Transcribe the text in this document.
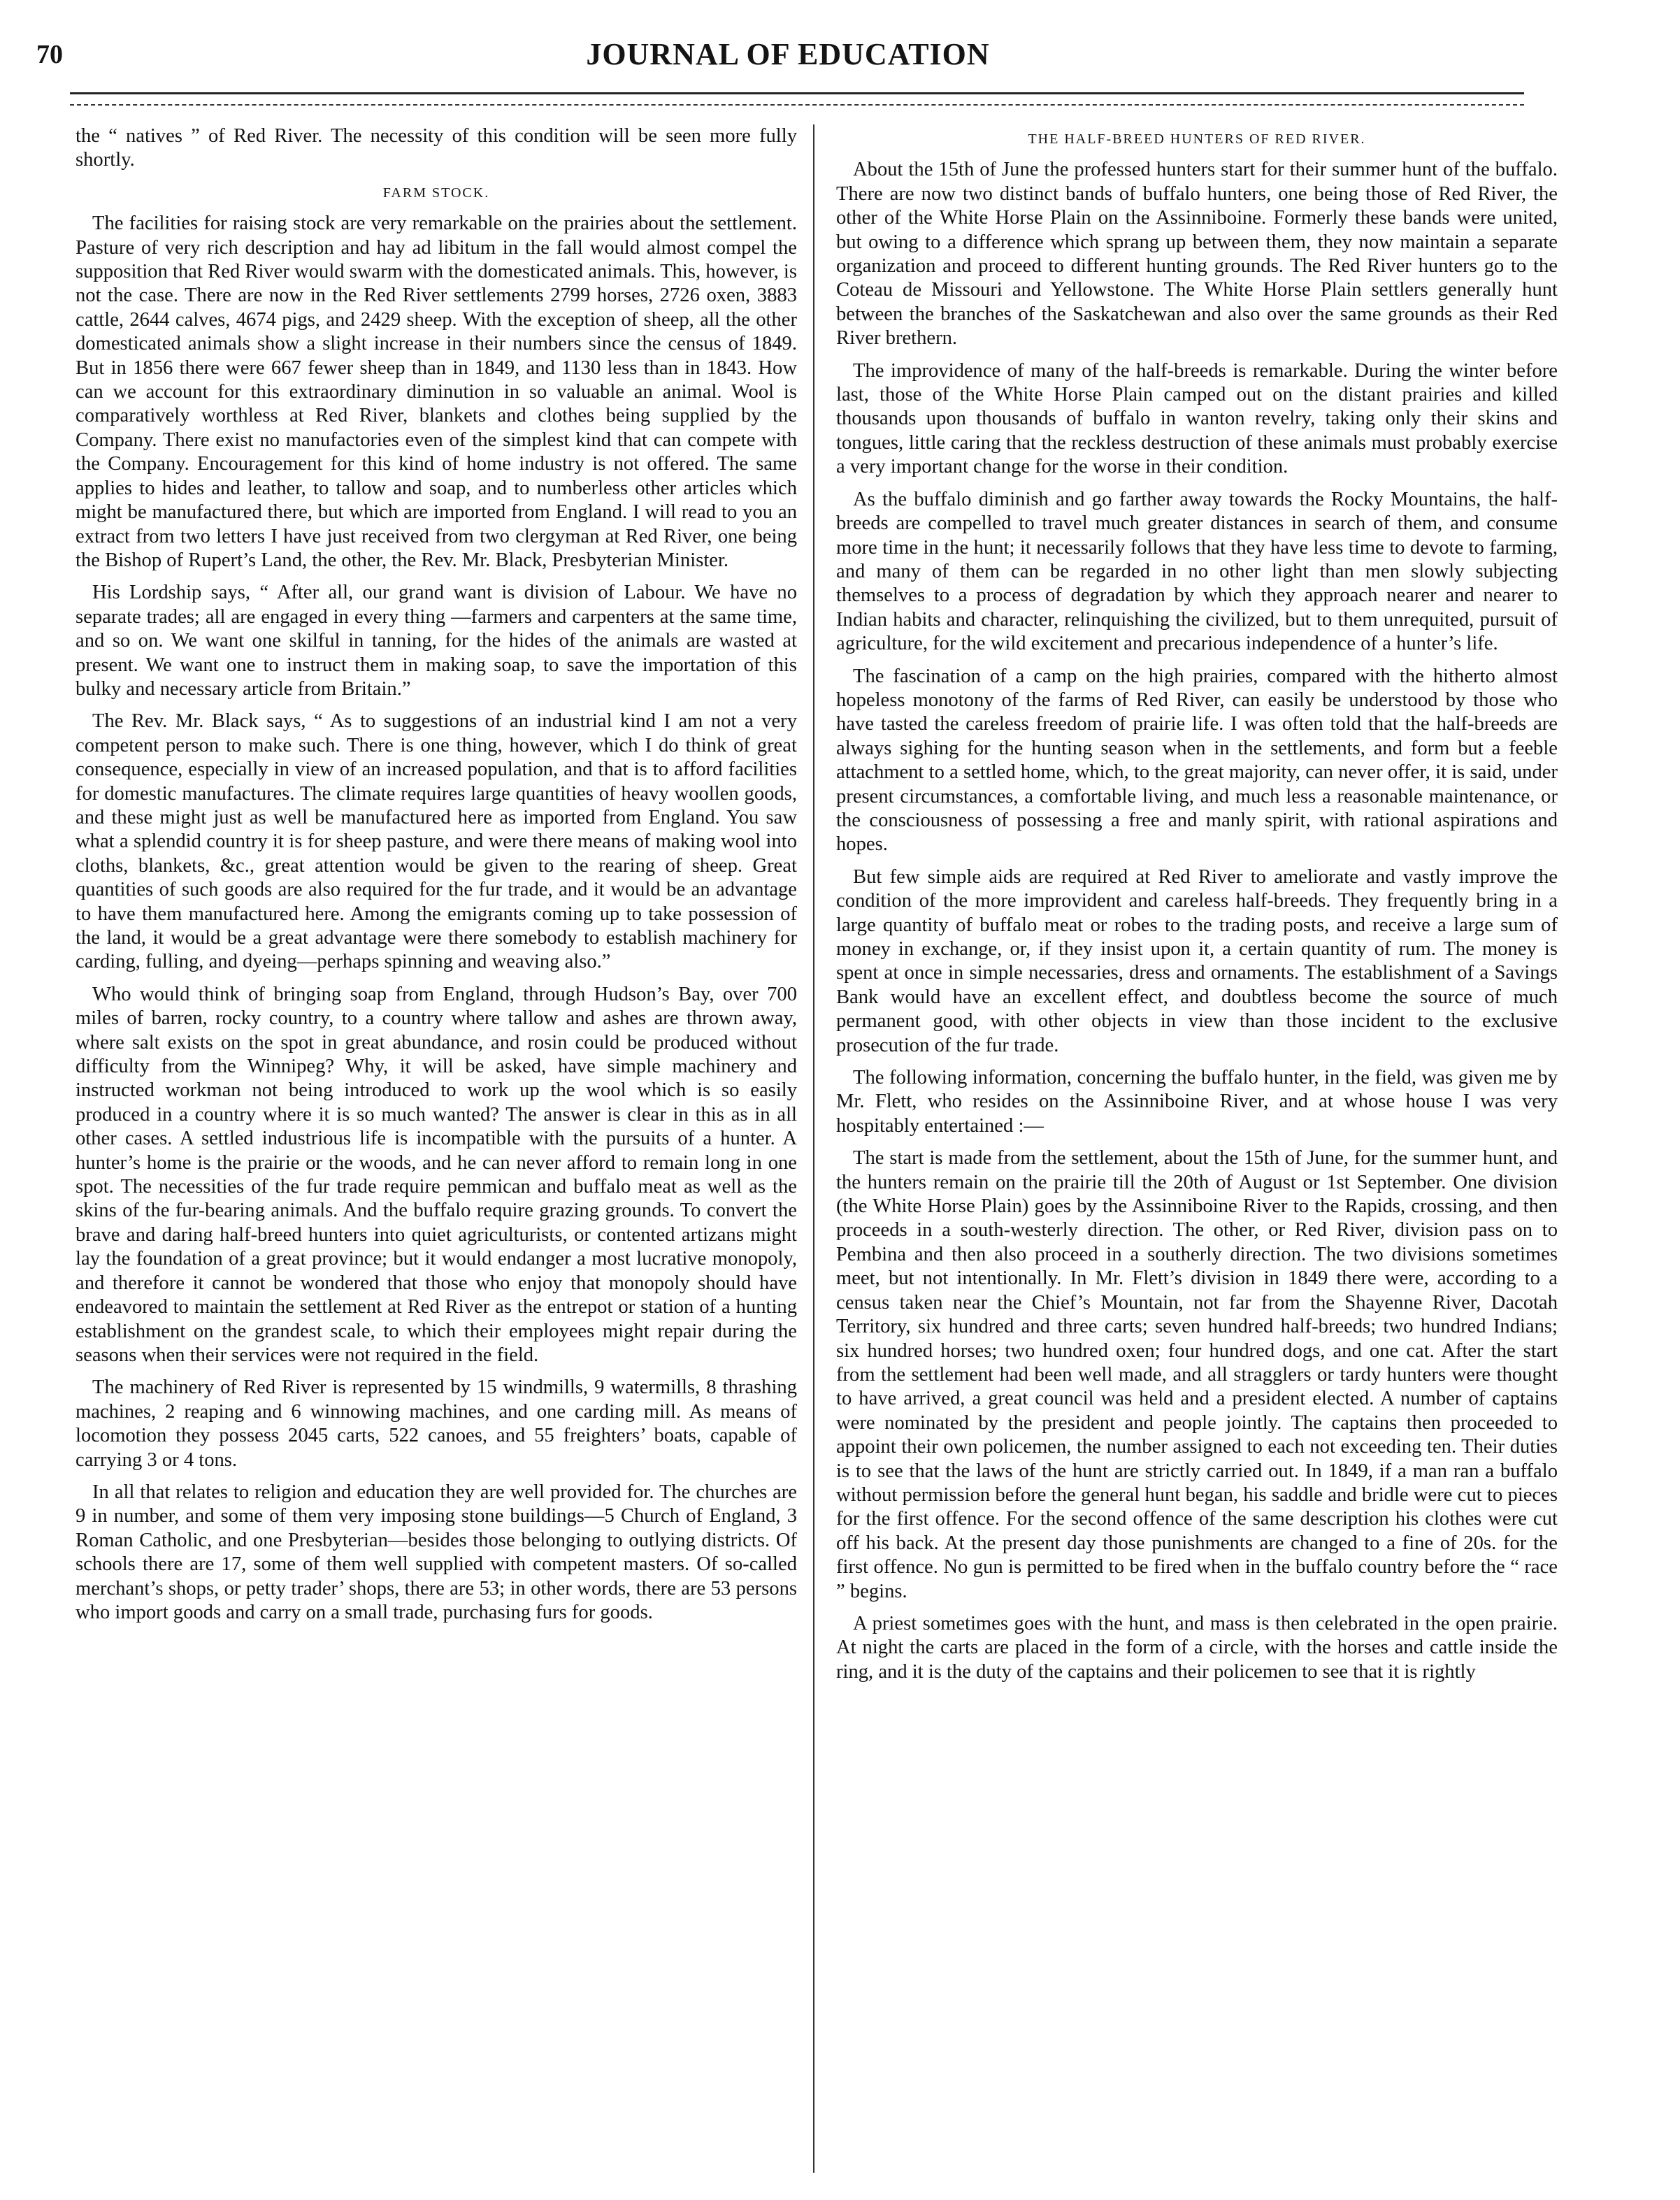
70	JOURNAL OF EDUCATION

the “ natives ” of Red River. The necessity of this condition will be seen more fully shortly.

FARM STOCK.

The facilities for raising stock are very remarkable on the prairies about the settlement. Pasture of very rich description and hay ad libitum in the fall would almost compel the supposition that Red River would swarm with the domesticated animals. This, however, is not the case. There are now in the Red River settlements 2799 horses, 2726 oxen, 3883 cattle, 2644 calves, 4674 pigs, and 2429 sheep. With the exception of sheep, all the other domesticated animals show a slight increase in their numbers since the census of 1849. But in 1856 there were 667 fewer sheep than in 1849, and 1130 less than in 1843. How can we account for this extraordinary diminution in so valuable an animal. Wool is comparatively worthless at Red River, blankets and clothes being supplied by the Company. There exist no manufactories even of the simplest kind that can compete with the Company. Encouragement for this kind of home industry is not offered. The same applies to hides and leather, to tallow and soap, and to numberless other articles which might be manufactured there, but which are imported from England. I will read to you an extract from two letters I have just received from two clergyman at Red River, one being the Bishop of Rupert’s Land, the other, the Rev. Mr. Black, Presbyterian Minister.

His Lordship says, “ After all, our grand want is division of Labour. We have no separate trades; all are engaged in every thing —farmers and carpenters at the same time, and so on. We want one skilful in tanning, for the hides of the animals are wasted at present. We want one to instruct them in making soap, to save the importation of this bulky and necessary article from Britain.”

The Rev. Mr. Black says, “ As to suggestions of an industrial kind I am not a very competent person to make such. There is one thing, however, which I do think of great consequence, especially in view of an increased population, and that is to afford facilities for domestic manufactures. The climate requires large quantities of heavy woollen goods, and these might just as well be manufactured here as imported from England. You saw what a splendid country it is for sheep pasture, and were there means of making wool into cloths, blankets, &c., great attention would be given to the rearing of sheep. Great quantities of such goods are also required for the fur trade, and it would be an advantage to have them manufactured here. Among the emigrants coming up to take possession of the land, it would be a great advantage were there somebody to establish machinery for carding, fulling, and dyeing—perhaps spinning and weaving also.”

Who would think of bringing soap from England, through Hudson’s Bay, over 700 miles of barren, rocky country, to a country where tallow and ashes are thrown away, where salt exists on the spot in great abundance, and rosin could be produced without difficulty from the Winnipeg? Why, it will be asked, have simple machinery and instructed workman not being introduced to work up the wool which is so easily produced in a country where it is so much wanted? The answer is clear in this as in all other cases. A settled industrious life is incompatible with the pursuits of a hunter. A hunter’s home is the prairie or the woods, and he can never afford to remain long in one spot. The necessities of the fur trade require pemmican and buffalo meat as well as the skins of the fur-bearing animals. And the buffalo require grazing grounds. To convert the brave and daring half-breed hunters into quiet agriculturists, or contented artizans might lay the foundation of a great province; but it would endanger a most lucrative monopoly, and therefore it cannot be wondered that those who enjoy that monopoly should have endeavored to maintain the settlement at Red River as the entrepot or station of a hunting establishment on the grandest scale, to which their employees might repair during the seasons when their services were not required in the field.

The machinery of Red River is represented by 15 windmills, 9 watermills, 8 thrashing machines, 2 reaping and 6 winnowing machines, and one carding mill. As means of locomotion they possess 2045 carts, 522 canoes, and 55 freighters’ boats, capable of carrying 3 or 4 tons.

In all that relates to religion and education they are well provided for. The churches are 9 in number, and some of them very imposing stone buildings—5 Church of England, 3 Roman Catholic, and one Presbyterian—besides those belonging to outlying districts. Of schools there are 17, some of them well supplied with competent masters. Of so-called merchant’s shops, or petty trader’ shops, there are 53; in other words, there are 53 persons who import goods and carry on a small trade, purchasing furs for goods.

THE HALF-BREED HUNTERS OF RED RIVER.

About the 15th of June the professed hunters start for their summer hunt of the buffalo. There are now two distinct bands of buffalo hunters, one being those of Red River, the other of the White Horse Plain on the Assinniboine. Formerly these bands were united, but owing to a difference which sprang up between them, they now maintain a separate organization and proceed to different hunting grounds. The Red River hunters go to the Coteau de Missouri and Yellowstone. The White Horse Plain settlers generally hunt between the branches of the Saskatchewan and also over the same grounds as their Red River brethern.

The improvidence of many of the half-breeds is remarkable. During the winter before last, those of the White Horse Plain camped out on the distant prairies and killed thousands upon thousands of buffalo in wanton revelry, taking only their skins and tongues, little caring that the reckless destruction of these animals must probably exercise a very important change for the worse in their condition.

As the buffalo diminish and go farther away towards the Rocky Mountains, the half-breeds are compelled to travel much greater distances in search of them, and consume more time in the hunt; it necessarily follows that they have less time to devote to farming, and many of them can be regarded in no other light than men slowly subjecting themselves to a process of degradation by which they approach nearer and nearer to Indian habits and character, relinquishing the civilized, but to them unrequited, pursuit of agriculture, for the wild excitement and precarious independence of a hunter’s life.

The fascination of a camp on the high prairies, compared with the hitherto almost hopeless monotony of the farms of Red River, can easily be understood by those who have tasted the careless freedom of prairie life. I was often told that the half-breeds are always sighing for the hunting season when in the settlements, and form but a feeble attachment to a settled home, which, to the great majority, can never offer, it is said, under present circumstances, a comfortable living, and much less a reasonable maintenance, or the consciousness of possessing a free and manly spirit, with rational aspirations and hopes.

But few simple aids are required at Red River to ameliorate and vastly improve the condition of the more improvident and careless half-breeds. They frequently bring in a large quantity of buffalo meat or robes to the trading posts, and receive a large sum of money in exchange, or, if they insist upon it, a certain quantity of rum. The money is spent at once in simple necessaries, dress and ornaments. The establishment of a Savings Bank would have an excellent effect, and doubtless become the source of much permanent good, with other objects in view than those incident to the exclusive prosecution of the fur trade.

The following information, concerning the buffalo hunter, in the field, was given me by Mr. Flett, who resides on the Assinniboine River, and at whose house I was very hospitably entertained :—

The start is made from the settlement, about the 15th of June, for the summer hunt, and the hunters remain on the prairie till the 20th of August or 1st September. One division (the White Horse Plain) goes by the Assinniboine River to the Rapids, crossing, and then proceeds in a south-westerly direction. The other, or Red River, division pass on to Pembina and then also proceed in a southerly direction. The two divisions sometimes meet, but not intentionally. In Mr. Flett’s division in 1849 there were, according to a census taken near the Chief’s Mountain, not far from the Shayenne River, Dacotah Territory, six hundred and three carts; seven hundred half-breeds; two hundred Indians; six hundred horses; two hundred oxen; four hundred dogs, and one cat. After the start from the settlement had been well made, and all stragglers or tardy hunters were thought to have arrived, a great council was held and a president elected. A number of captains were nominated by the president and people jointly. The captains then proceeded to appoint their own policemen, the number assigned to each not exceeding ten. Their duties is to see that the laws of the hunt are strictly carried out. In 1849, if a man ran a buffalo without permission before the general hunt began, his saddle and bridle were cut to pieces for the first offence. For the second offence of the same description his clothes were cut off his back. At the present day those punishments are changed to a fine of 20s. for the first offence. No gun is permitted to be fired when in the buffalo country before the “ race ” begins.

A priest sometimes goes with the hunt, and mass is then celebrated in the open prairie. At night the carts are placed in the form of a circle, with the horses and cattle inside the ring, and it is the duty of the captains and their policemen to see that it is rightly
